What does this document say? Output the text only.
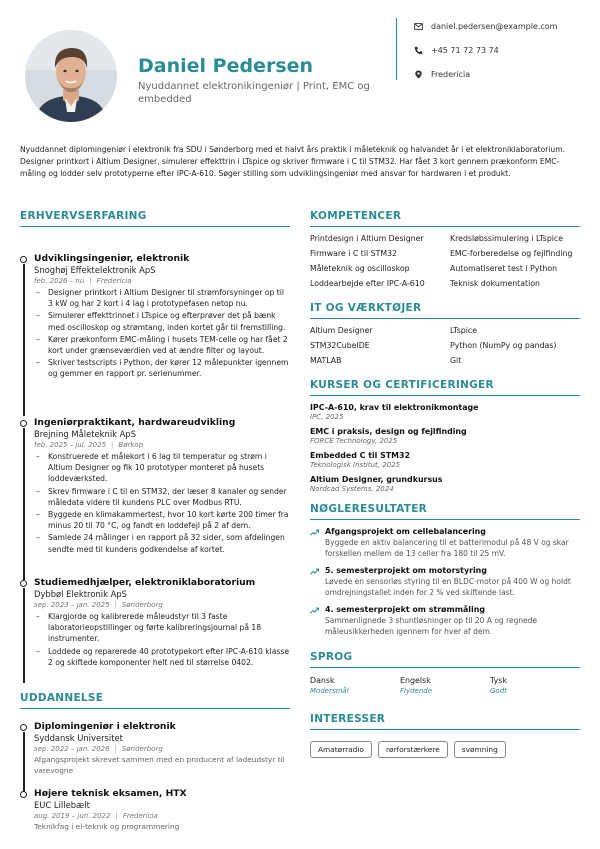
Daniel Pedersen
Nyuddannet elektronikingeniør | Print, EMC og embedded
daniel.pedersen@example.com
+45 71 72 73 74
Fredericia
Nyuddannet diplomingeniør i elektronik fra SDU i Sønderborg med et halvt års praktik i måleteknik og halvandet år i et elektroniklaboratorium. Designer printkort i Altium Designer, simulerer effekttrin i LTspice og skriver firmware i C til STM32. Har fået 3 kort gennem prækonform EMC-måling og lodder selv prototyperne efter IPC-A-610. Søger stilling som udviklingsingeniør med ansvar for hardwaren i et produkt.
ERHVERVSERFARING
Udviklingsingeniør, elektronik
Snoghøj Effektelektronik ApS
feb. 2026 – nu | Fredericia
– Designer printkort i Altium Designer til strømforsyninger op til 3 kW og har 2 kort i 4 lag i prototypefasen netop nu.
– Simulerer effekttrinnet i LTspice og efterprøver det på bænk med oscilloskop og strømtang, inden kortet går til fremstilling.
– Kører prækonform EMC-måling i husets TEM-celle og har fået 2 kort under grænseværdien ved at ændre filter og layout.
– Skriver testscripts i Python, der kører 12 målepunkter igennem og gemmer en rapport pr. serienummer.
Ingeniørpraktikant, hardwareudvikling
Brejning Måleteknik ApS
feb. 2025 – jul. 2025 | Børkop
– Konstruerede et målekort i 6 lag til temperatur og strøm i Altium Designer og fik 10 prototyper monteret på husets loddeværksted.
– Skrev firmware i C til en STM32, der læser 8 kanaler og sender måledata videre til kundens PLC over Modbus RTU.
– Byggede en klimakammertest, hvor 10 kort kørte 200 timer fra minus 20 til 70 °C, og fandt en loddefejl på 2 af dem.
– Samlede 24 målinger i en rapport på 32 sider, som afdelingen sendte med til kundens godkendelse af kortet.
Studiemedhjælper, elektroniklaboratorium
Dybbøl Elektronik ApS
sep. 2023 – jan. 2025 | Sønderborg
– Klargjorde og kalibrerede måleudstyr til 3 faste laboratorieopstillinger og førte kalibreringsjournal på 18 instrumenter.
– Loddede og reparerede 40 prototypekort efter IPC-A-610 klasse 2 og skiftede komponenter helt ned til størrelse 0402.
UDDANNELSE
Diplomingeniør i elektronik
Syddansk Universitet
sep. 2022 – jan. 2026 | Sønderborg
Afgangsprojekt skrevet sammen med en producent af ladeudstyr til varevogne
Højere teknisk eksamen, HTX
EUC Lillebælt
aug. 2019 – jun. 2022 | Fredericia
Teknikfag i el-teknik og programmering
KOMPETENCER
Printdesign i Altium Designer	Kredsløbssimulering i LTspice
Firmware i C til STM32	EMC-forberedelse og fejlfinding
Måleteknik og oscilloskop	Automatiseret test i Python
Loddearbejde efter IPC-A-610	Teknisk dokumentation
IT OG VÆRKTØJER
Altium Designer	LTspice
STM32CubeIDE	Python (NumPy og pandas)
MATLAB	Git
KURSER OG CERTIFICERINGER
IPC-A-610, krav til elektronikmontage
IPC, 2025
EMC i praksis, design og fejlfinding
FORCE Technology, 2025
Embedded C til STM32
Teknologisk Institut, 2025
Altium Designer, grundkursus
Nordcad Systems, 2024
NØGLERESULTATER
Afgangsprojekt om cellebalancering
Byggede en aktiv balancering til et batterimodul på 48 V og skar forskellen mellem de 13 celler fra 180 til 25 mV.
5. semesterprojekt om motorstyring
Løvede en sensorløs styring til en BLDC-motor på 400 W og holdt omdrejningstallet inden for 2 % ved skiftende last.
4. semesterprojekt om strømmåling
Sammenlignede 3 shuntløsninger op til 20 A og regnede måleusikkerheden igennem for hver af dem.
SPROG
Dansk
Modersmål
Engelsk
Flydende
Tysk
Godt
INTERESSER
Amatørradio	rørforstærkere	svømning
